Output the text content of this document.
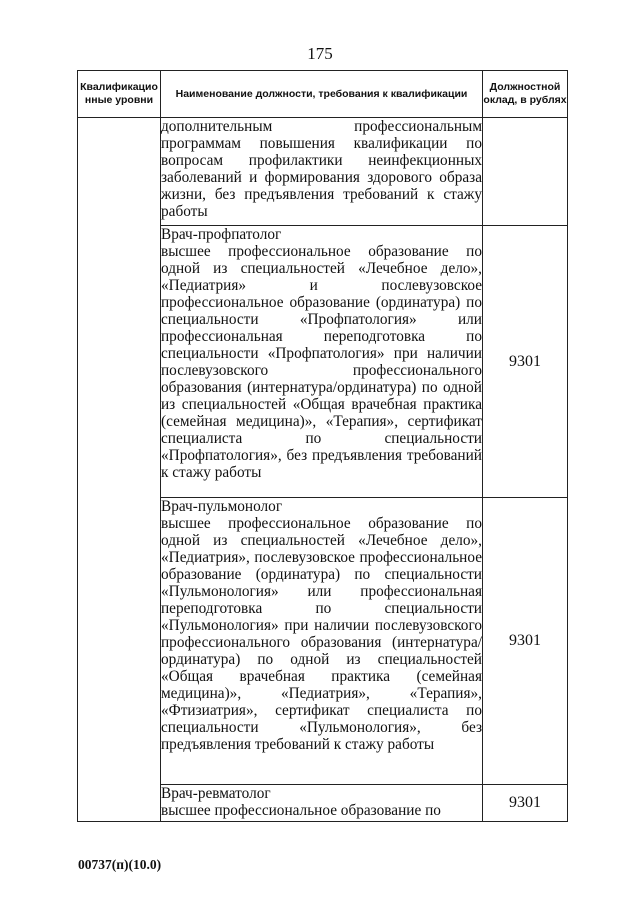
175
Квалификацио нные уровни	Наименование должности, требования к квалификации	Должностной оклад, в рублях

	дополнительным профессиональным программам повышения квалификации по вопросам профилактики неинфекционных заболеваний и формирования здорового образа жизни, без предъявления требований к стажу работы	

	Врач-профпатолог

высшее профессиональное образование по одной из специальностей «Лечебное дело», «Педиатрия» и послевузовское профессиональное образование (ординатура) по специальности «Профпатология» или профессиональная переподготовка по специальности «Профпатология» при наличии послевузовского профессионального образования (интернатура/ординатура) по одной из специальностей «Общая врачебная практика (семейная медицина)», «Терапия», сертификат специалиста по специальности «Профпатология», без предъявления требований к стажу работы	9301

	Врач-пульмонолог

высшее профессиональное образование по одной из специальностей «Лечебное дело», «Педиатрия», послевузовское профессиональное образование (ординатура) по специальности «Пульмонология» или профессиональная переподготовка по специальности «Пульмонология» при наличии послевузовского профессионального образования (интернатура/ординатура) по одной из специальностей «Общая врачебная практика (семейная медицина)», «Педиатрия», «Терапия», «Фтизиатрия», сертификат специалиста по специальности «Пульмонология», без предъявления требований к стажу работы	9301

	Врач-ревматолог

высшее профессиональное образование по	9301
00737(п)(10.0)
